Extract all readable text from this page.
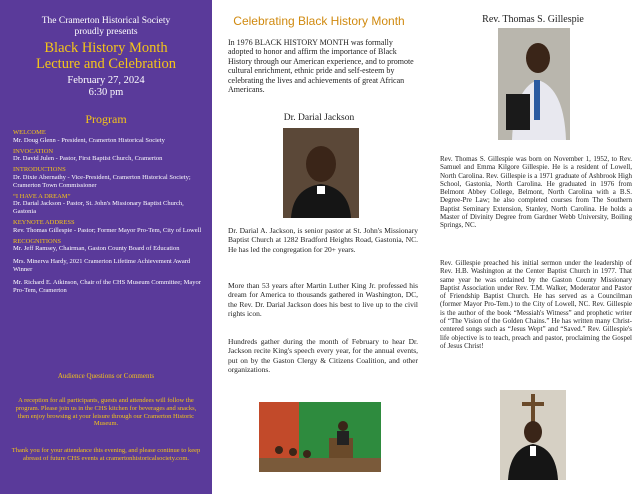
The Cramerton Historical Society
proudly presents
Black History Month
Lecture and Celebration
February 27, 2024
6:30 pm
Program
WELCOME
Mr. Doug Glenn - President, Cramerton Historical Society
INVOCATION
Dr. David Julen - Pastor, First Baptist Church, Cramerton
INTRODUCTIONS
Dr. Dixie Abernathy - Vice-President, Cramerton Historical Society; Cramerton Town Commissioner
“I HAVE A DREAM”
Dr. Darial Jackson - Pastor, St. John's Missionary Baptist Church, Gastonia
KEYNOTE ADDRESS
Rev. Thomas Gillespie - Pastor; Former Mayor Pro-Tem, City of Lowell
RECOGNITIONS
Mr. Jeff Ramsey, Chairman, Gaston County Board of Education
Mrs. Minerva Hardy, 2021 Cramerton Lifetime Achievement Award Winner
Mr. Richard E. Atkinson, Chair of the CHS Museum Committee; Mayor Pro-Tem, Cramerton
Audience Questions or Comments
A reception for all participants, guests and attendees will follow the program. Please join us in the CHS kitchen for beverages and snacks, then enjoy browsing at your leisure through our Cramerton Historic Museum.
Thank you for your attendance this evening, and please continue to keep abreast of future CHS events at cramertonhistoricalsociety.com.
Celebrating Black History Month
In 1976 BLACK HISTORY MONTH was formally adopted to honor and affirm the importance of Black History through our American experience, and to promote cultural enrichment, ethnic pride and self-esteem by celebrating the lives and achievements of great African Americans.
Dr. Darial Jackson
Dr. Darial A. Jackson, is senior pastor at St. John's Missionary Baptist Church at 1282 Bradford Heights Road, Gastonia, NC. He has led the congregation for 20+ years.
More than 53 years after Martin Luther King Jr. professed his dream for America to thousands gathered in Washington, DC, the Rev. Dr. Darial Jackson does his best to live up to the civil rights icon.
Hundreds gather during the month of February to hear Dr. Jackson recite King's speech every year, for the annual events, put on by the Gaston Clergy & Citizens Coalition, and other organizations.
Rev. Thomas S. Gillespie
Rev. Thomas S. Gillespie was born on November 1, 1952, to Rev. Samuel and Emma Kilgore Gillespie. He is a resident of Lowell, North Carolina. Rev. Gillespie is a 1971 graduate of Ashbrook High School, Gastonia, North Carolina. He graduated in 1976 from Belmont Abbey College, Belmont, North Carolina with a B.S. Degree-Pre Law; he also completed courses from The Southern Baptist Seminary Extension, Stanley, North Carolina. He holds a Master of Divinity Degree from Gardner Webb University, Boiling Springs, NC.
Rev. Gillespie preached his initial sermon under the leadership of Rev. H.B. Washington at the Center Baptist Church in 1977. That same year he was ordained by the Gaston County Missionary Baptist Association under Rev. T.M. Walker, Moderator and Pastor of Friendship Baptist Church. He has served as a Councilman (former Mayor Pro-Tem.) to the City of Lowell, NC. Rev. Gillespie is the author of the book “Messiah's Witness” and prophetic writer of “The Vision of the Golden Chains.” He has written many Christ-centered songs such as “Jesus Wept” and “Saved.” Rev. Gillespie's life objective is to teach, preach and pastor, proclaiming the Gospel of Jesus Christ!
